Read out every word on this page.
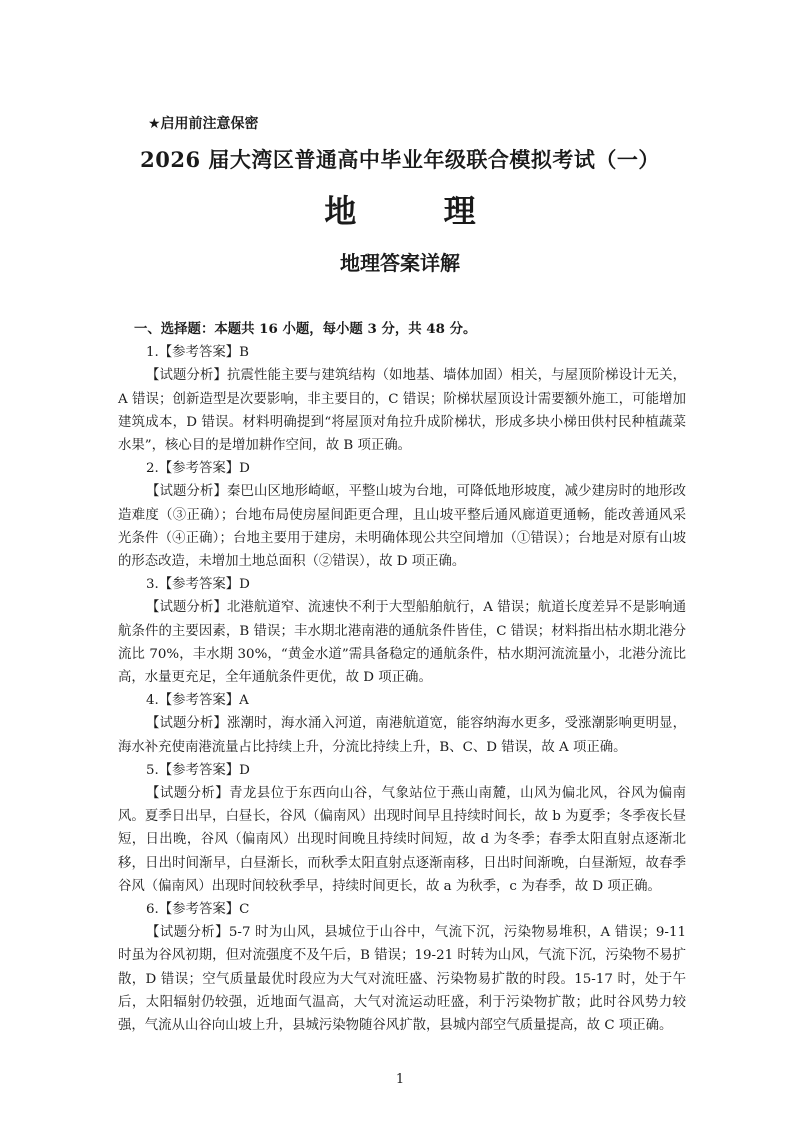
★启用前注意保密
2026 届大湾区普通高中毕业年级联合模拟考试（一）
地 理
地理答案详解

一、选择题：本题共 16 小题，每小题 3 分，共 48 分。

1.【参考答案】B

【试题分析】抗震性能主要与建筑结构（如地基、墙体加固）相关，与屋顶阶梯设计无关，A 错误；创新造型是次要影响，非主要目的，C 错误；阶梯状屋顶设计需要额外施工，可能增加建筑成本，D 错误。材料明确提到“将屋顶对角拉升成阶梯状，形成多块小梯田供村民种植蔬菜水果”，核心目的是增加耕作空间，故 B 项正确。

2.【参考答案】D

【试题分析】秦巴山区地形崎岖，平整山坡为台地，可降低地形坡度，减少建房时的地形改造难度（③正确）；台地布局使房屋间距更合理，且山坡平整后通风廊道更通畅，能改善通风采光条件（④正确）；台地主要用于建房，未明确体现公共空间增加（①错误）；台地是对原有山坡的形态改造，未增加土地总面积（②错误），故 D 项正确。

3.【参考答案】D

【试题分析】北港航道窄、流速快不利于大型船舶航行，A 错误；航道长度差异不是影响通航条件的主要因素，B 错误；丰水期北港南港的通航条件皆佳，C 错误；材料指出枯水期北港分流比 70%，丰水期 30%，“黄金水道”需具备稳定的通航条件，枯水期河流流量小，北港分流比高，水量更充足，全年通航条件更优，故 D 项正确。

4.【参考答案】A

【试题分析】涨潮时，海水涌入河道，南港航道宽，能容纳海水更多，受涨潮影响更明显，海水补充使南港流量占比持续上升，分流比持续上升，B、C、D 错误，故 A 项正确。

5.【参考答案】D

【试题分析】青龙县位于东西向山谷，气象站位于燕山南麓，山风为偏北风，谷风为偏南风。夏季日出早，白昼长，谷风（偏南风）出现时间早且持续时间长，故 b 为夏季；冬季夜长昼短，日出晚，谷风（偏南风）出现时间晚且持续时间短，故 d 为冬季；春季太阳直射点逐渐北移，日出时间渐早，白昼渐长，而秋季太阳直射点逐渐南移，日出时间渐晚，白昼渐短，故春季谷风（偏南风）出现时间较秋季早，持续时间更长，故 a 为秋季，c 为春季，故 D 项正确。

6.【参考答案】C

【试题分析】5-7 时为山风，县城位于山谷中，气流下沉，污染物易堆积，A 错误；9-11 时虽为谷风初期，但对流强度不及午后，B 错误；19-21 时转为山风，气流下沉，污染物不易扩散，D 错误；空气质量最优时段应为大气对流旺盛、污染物易扩散的时段。15-17 时，处于午后，太阳辐射仍较强，近地面气温高，大气对流运动旺盛，利于污染物扩散；此时谷风势力较强，气流从山谷向山坡上升，县城污染物随谷风扩散，县城内部空气质量提高，故 C 项正确。

1
